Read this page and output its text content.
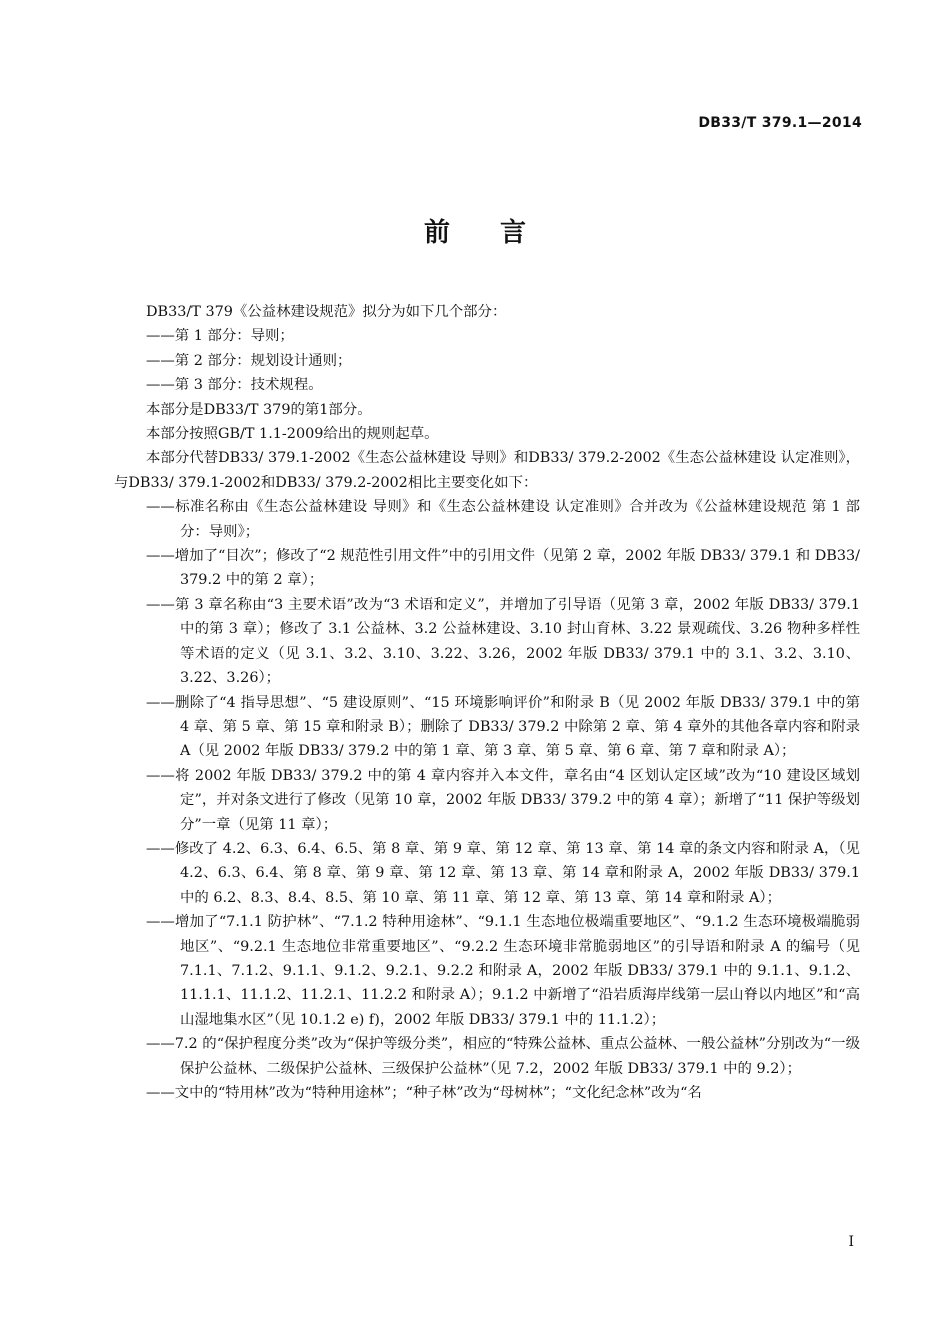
DB33/T 379.1—2014
前言

DB33/T 379《公益林建设规范》拟分为如下几个部分：

——第 1 部分：导则；

——第 2 部分：规划设计通则；

——第 3 部分：技术规程。

本部分是DB33/T 379的第1部分。

本部分按照GB/T 1.1-2009给出的规则起草。

本部分代替DB33/ 379.1-2002《生态公益林建设 导则》和DB33/ 379.2-2002《生态公益林建设 认定准则》，与DB33/ 379.1-2002和DB33/ 379.2-2002相比主要变化如下：

——标准名称由《生态公益林建设 导则》和《生态公益林建设 认定准则》合并改为《公益林建设规范 第 1 部分：导则》；

——增加了“目次”；修改了“2 规范性引用文件”中的引用文件（见第 2 章，2002 年版 DB33/ 379.1 和 DB33/ 379.2 中的第 2 章）；

——第 3 章名称由“3 主要术语”改为“3 术语和定义”，并增加了引导语（见第 3 章，2002 年版 DB33/ 379.1 中的第 3 章）；修改了 3.1 公益林、3.2 公益林建设、3.10 封山育林、3.22 景观疏伐、3.26 物种多样性等术语的定义（见 3.1、3.2、3.10、3.22、3.26，2002 年版 DB33/ 379.1 中的 3.1、3.2、3.10、3.22、3.26）；

——删除了“4 指导思想”、“5 建设原则”、“15 环境影响评价”和附录 B（见 2002 年版 DB33/ 379.1 中的第 4 章、第 5 章、第 15 章和附录 B）；删除了 DB33/ 379.2 中除第 2 章、第 4 章外的其他各章内容和附录 A（见 2002 年版 DB33/ 379.2 中的第 1 章、第 3 章、第 5 章、第 6 章、第 7 章和附录 A）；

——将 2002 年版 DB33/ 379.2 中的第 4 章内容并入本文件，章名由“4 区划认定区域”改为“10 建设区域划定”，并对条文进行了修改（见第 10 章，2002 年版 DB33/ 379.2 中的第 4 章）；新增了“11 保护等级划分”一章（见第 11 章）；

——修改了 4.2、6.3、6.4、6.5、第 8 章、第 9 章、第 12 章、第 13 章、第 14 章的条文内容和附录 A，（见 4.2、6.3、6.4、第 8 章、第 9 章、第 12 章、第 13 章、第 14 章和附录 A，2002 年版 DB33/ 379.1 中的 6.2、8.3、8.4、8.5、第 10 章、第 11 章、第 12 章、第 13 章、第 14 章和附录 A）；

——增加了“7.1.1 防护林”、“7.1.2 特种用途林”、“9.1.1 生态地位极端重要地区”、“9.1.2 生态环境极端脆弱地区”、“9.2.1 生态地位非常重要地区”、“9.2.2 生态环境非常脆弱地区”的引导语和附录 A 的编号（见 7.1.1、7.1.2、9.1.1、9.1.2、9.2.1、9.2.2 和附录 A，2002 年版 DB33/ 379.1 中的 9.1.1、9.1.2、11.1.1、11.1.2、11.2.1、11.2.2 和附录 A）；9.1.2 中新增了“沿岩质海岸线第一层山脊以内地区”和“高山湿地集水区”（见 10.1.2 e) f)，2002 年版 DB33/ 379.1 中的 11.1.2）；

——7.2 的“保护程度分类”改为“保护等级分类”，相应的“特殊公益林、重点公益林、一般公益林”分别改为“一级保护公益林、二级保护公益林、三级保护公益林”（见 7.2，2002 年版 DB33/ 379.1 中的 9.2）；

——文中的“特用林”改为“特种用途林”；“种子林”改为“母树林”；“文化纪念林”改为“名

I
